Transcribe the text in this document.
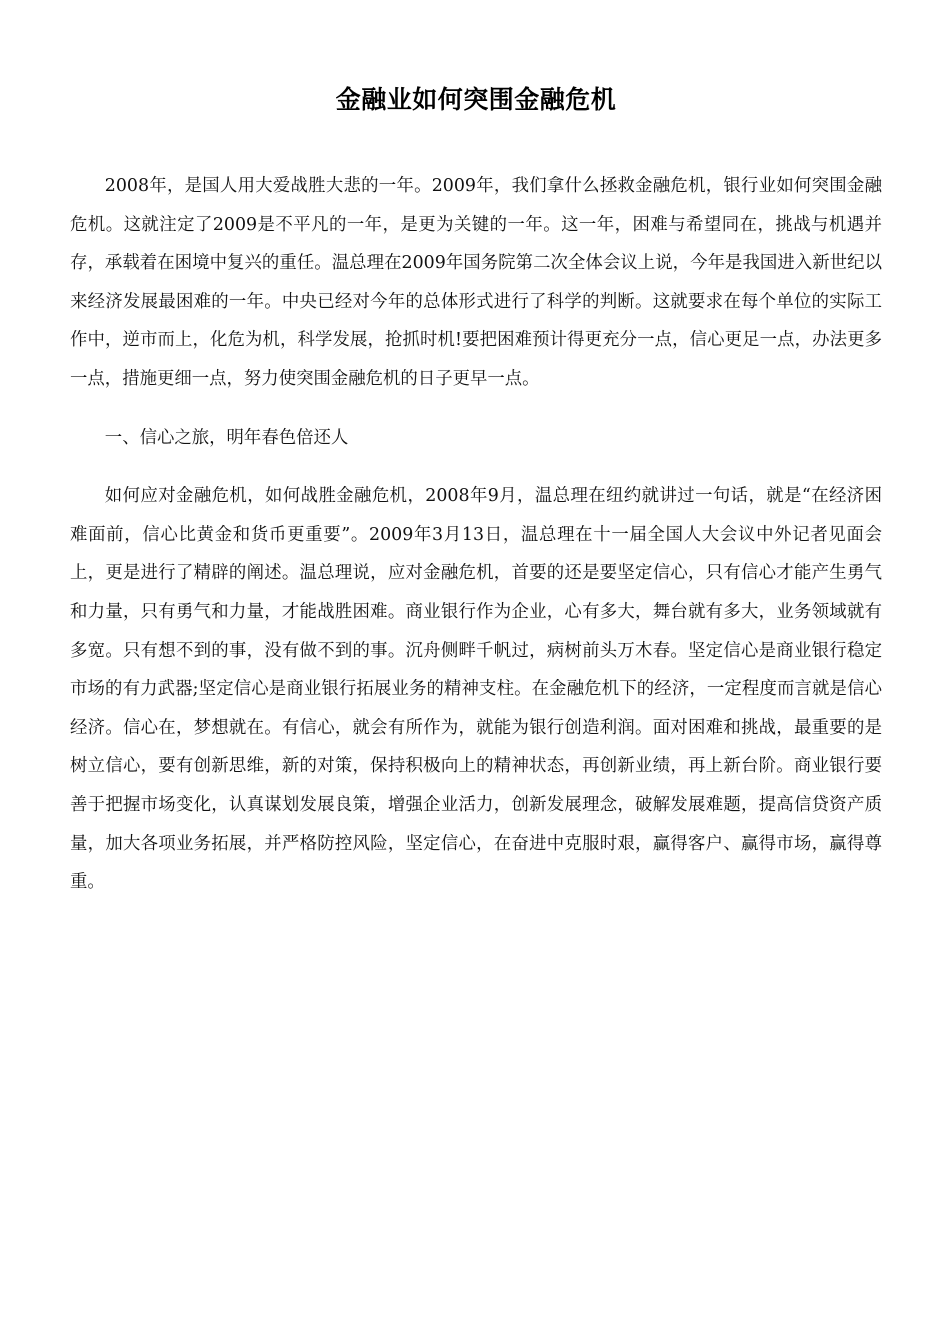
金融业如何突围金融危机

2008年，是国人用大爱战胜大悲的一年。2009年，我们拿什么拯救金融危机，银行业如何突围金融危机。这就注定了2009是不平凡的一年，是更为关键的一年。这一年，困难与希望同在，挑战与机遇并存，承载着在困境中复兴的重任。温总理在2009年国务院第二次全体会议上说，今年是我国进入新世纪以来经济发展最困难的一年。中央已经对今年的总体形式进行了科学的判断。这就要求在每个单位的实际工作中，逆市而上，化危为机，科学发展，抢抓时机!要把困难预计得更充分一点，信心更足一点，办法更多一点，措施更细一点，努力使突围金融危机的日子更早一点。

一、信心之旅，明年春色倍还人

如何应对金融危机，如何战胜金融危机，2008年9月，温总理在纽约就讲过一句话，就是“在经济困难面前，信心比黄金和货币更重要”。2009年3月13日，温总理在十一届全国人大会议中外记者见面会上，更是进行了精辟的阐述。温总理说，应对金融危机，首要的还是要坚定信心，只有信心才能产生勇气和力量，只有勇气和力量，才能战胜困难。商业银行作为企业，心有多大，舞台就有多大，业务领域就有多宽。只有想不到的事，没有做不到的事。沉舟侧畔千帆过，病树前头万木春。坚定信心是商业银行稳定市场的有力武器;坚定信心是商业银行拓展业务的精神支柱。在金融危机下的经济，一定程度而言就是信心经济。信心在，梦想就在。有信心，就会有所作为，就能为银行创造利润。面对困难和挑战，最重要的是树立信心，要有创新思维，新的对策，保持积极向上的精神状态，再创新业绩，再上新台阶。商业银行要善于把握市场变化，认真谋划发展良策，增强企业活力，创新发展理念，破解发展难题，提高信贷资产质量，加大各项业务拓展，并严格防控风险，坚定信心，在奋进中克服时艰，赢得客户、赢得市场，赢得尊重。
